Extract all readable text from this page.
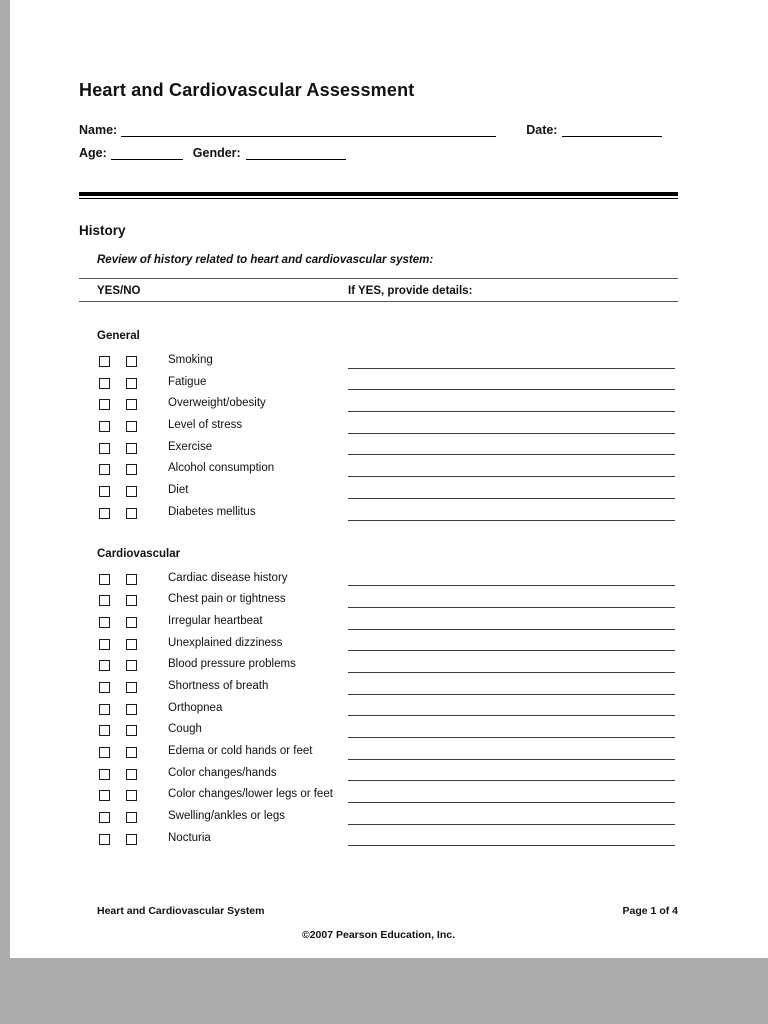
Heart and Cardiovascular Assessment
Name:	Date:
Age:	Gender:
History
Review of history related to heart and cardiovascular system:
YES/NO	If YES, provide details:
General
Smoking
Fatigue
Overweight/obesity
Level of stress
Exercise
Alcohol consumption
Diet
Diabetes mellitus
Cardiovascular
Cardiac disease history
Chest pain or tightness
Irregular heartbeat
Unexplained dizziness
Blood pressure problems
Shortness of breath
Orthopnea
Cough
Edema or cold hands or feet
Color changes/hands
Color changes/lower legs or feet
Swelling/ankles or legs
Nocturia
Heart and Cardiovascular System	Page 1 of 4
©2007 Pearson Education, Inc.
